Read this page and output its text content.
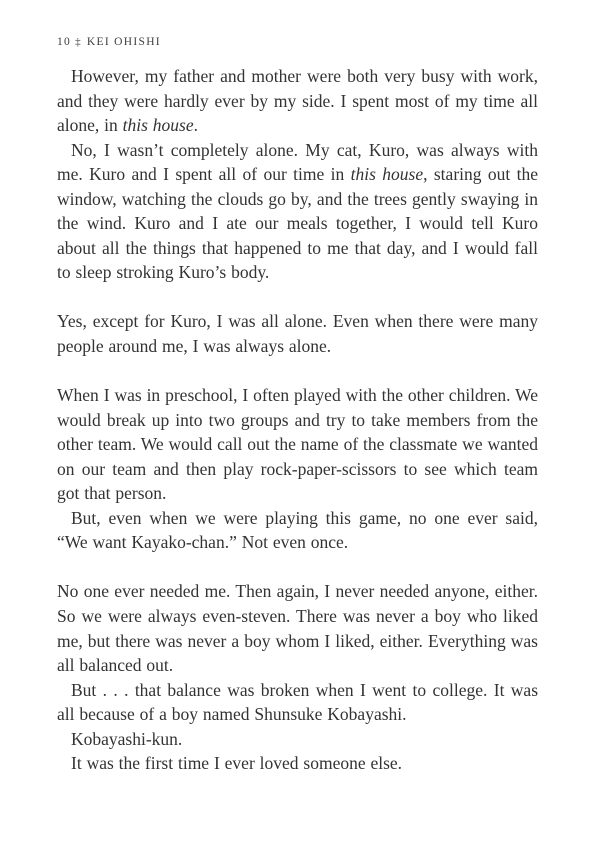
10 ‡ KEI OHISHI

However, my father and mother were both very busy with work, and they were hardly ever by my side. I spent most of my time all alone, in this house.

No, I wasn’t completely alone. My cat, Kuro, was always with me. Kuro and I spent all of our time in this house, staring out the window, watching the clouds go by, and the trees gently swaying in the wind. Kuro and I ate our meals together, I would tell Kuro about all the things that happened to me that day, and I would fall to sleep stroking Kuro’s body.

Yes, except for Kuro, I was all alone. Even when there were many people around me, I was always alone.

When I was in preschool, I often played with the other children. We would break up into two groups and try to take members from the other team. We would call out the name of the classmate we wanted on our team and then play rock-paper-scissors to see which team got that person.

But, even when we were playing this game, no one ever said, “We want Kayako-chan.” Not even once.

No one ever needed me. Then again, I never needed anyone, either. So we were always even-steven. There was never a boy who liked me, but there was never a boy whom I liked, either. Everything was all balanced out.

But . . . that balance was broken when I went to college. It was all because of a boy named Shunsuke Kobayashi.

Kobayashi-kun.

It was the first time I ever loved someone else.
